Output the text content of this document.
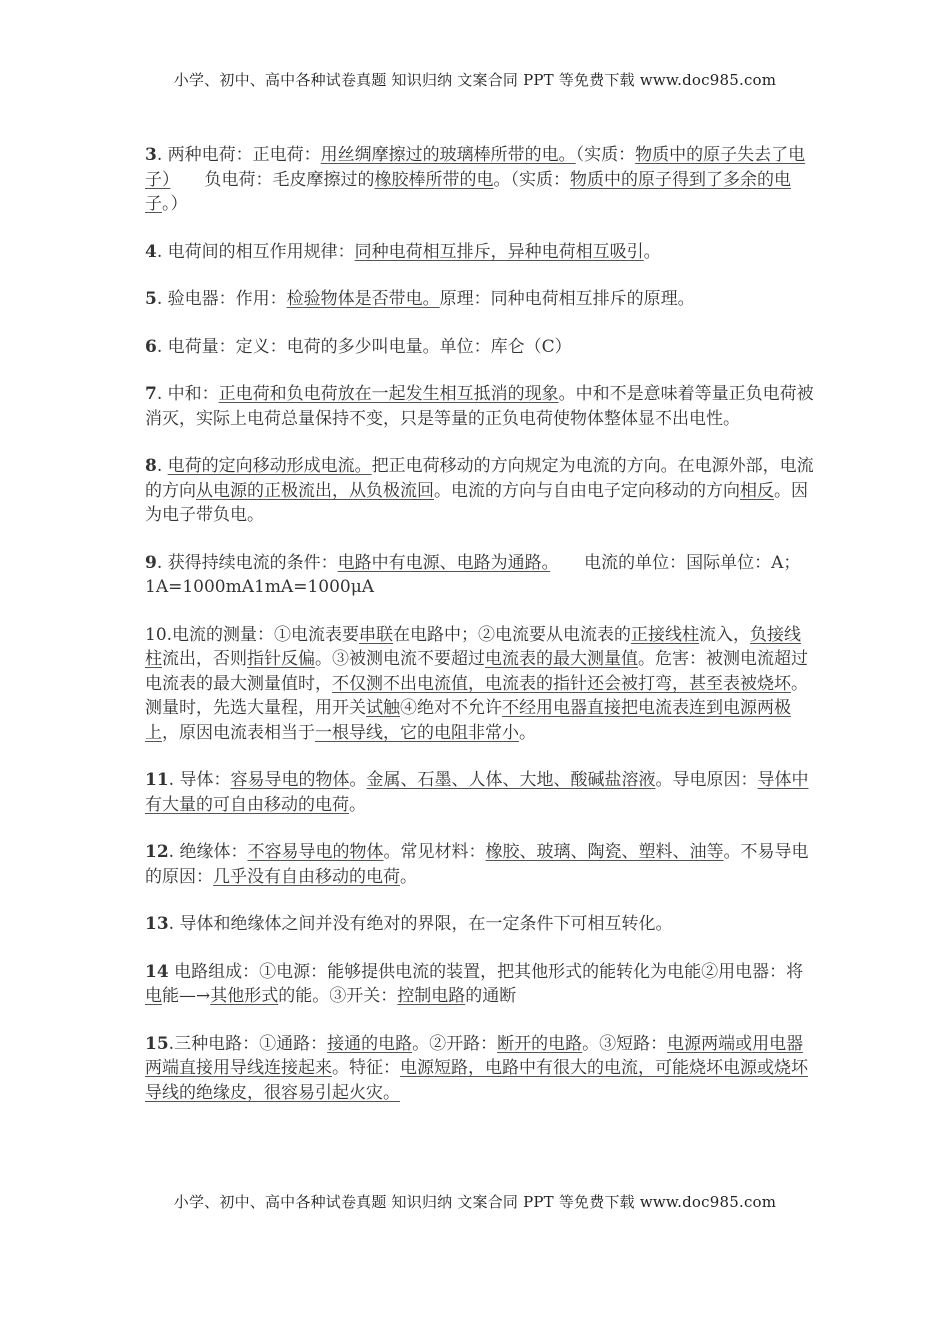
小学、初中、高中各种试卷真题 知识归纳 文案合同 PPT 等免费下载 www.doc985.com

3. 两种电荷：正电荷：用丝绸摩擦过的玻璃棒所带的电。（实质：物质中的原子失去了电子）　　负电荷：毛皮摩擦过的橡胶棒所带的电。（实质：物质中的原子得到了多余的电子。）

4. 电荷间的相互作用规律：同种电荷相互排斥，异种电荷相互吸引。

5. 验电器：作用：检验物体是否带电。原理：同种电荷相互排斥的原理。

6. 电荷量：定义：电荷的多少叫电量。单位：库仑（C）

7. 中和：正电荷和负电荷放在一起发生相互抵消的现象。中和不是意味着等量正负电荷被消灭，实际上电荷总量保持不变，只是等量的正负电荷使物体整体显不出电性。

8. 电荷的定向移动形成电流。把正电荷移动的方向规定为电流的方向。在电源外部，电流的方向从电源的正极流出，从负极流回。电流的方向与自由电子定向移动的方向相反。因为电子带负电。

9. 获得持续电流的条件：电路中有电源、电路为通路。　　电流的单位：国际单位：A；1A=1000mA1mA=1000μA

10.电流的测量：①电流表要串联在电路中；②电流要从电流表的正接线柱流入，负接线柱流出，否则指针反偏。③被测电流不要超过电流表的最大测量值。危害：被测电流超过电流表的最大测量值时，不仅测不出电流值，电流表的指针还会被打弯，甚至表被烧坏。测量时，先选大量程，用开关试触④绝对不允许不经用电器直接把电流表连到电源两极上，原因电流表相当于一根导线，它的电阻非常小。

11. 导体：容易导电的物体。金属、石墨、人体、大地、酸碱盐溶液。导电原因：导体中有大量的可自由移动的电荷。

12. 绝缘体：不容易导电的物体。常见材料：橡胶、玻璃、陶瓷、塑料、油等。不易导电的原因：几乎没有自由移动的电荷。

13. 导体和绝缘体之间并没有绝对的界限，在一定条件下可相互转化。

14 电路组成：①电源：能够提供电流的装置，把其他形式的能转化为电能②用电器：将电能—→其他形式的能。③开关：控制电路的通断

15.三种电路：①通路：接通的电路。②开路：断开的电路。③短路：电源两端或用电器两端直接用导线连接起来。特征：电源短路，电路中有很大的电流，可能烧坏电源或烧坏导线的绝缘皮，很容易引起火灾。

小学、初中、高中各种试卷真题 知识归纳 文案合同 PPT 等免费下载 www.doc985.com
